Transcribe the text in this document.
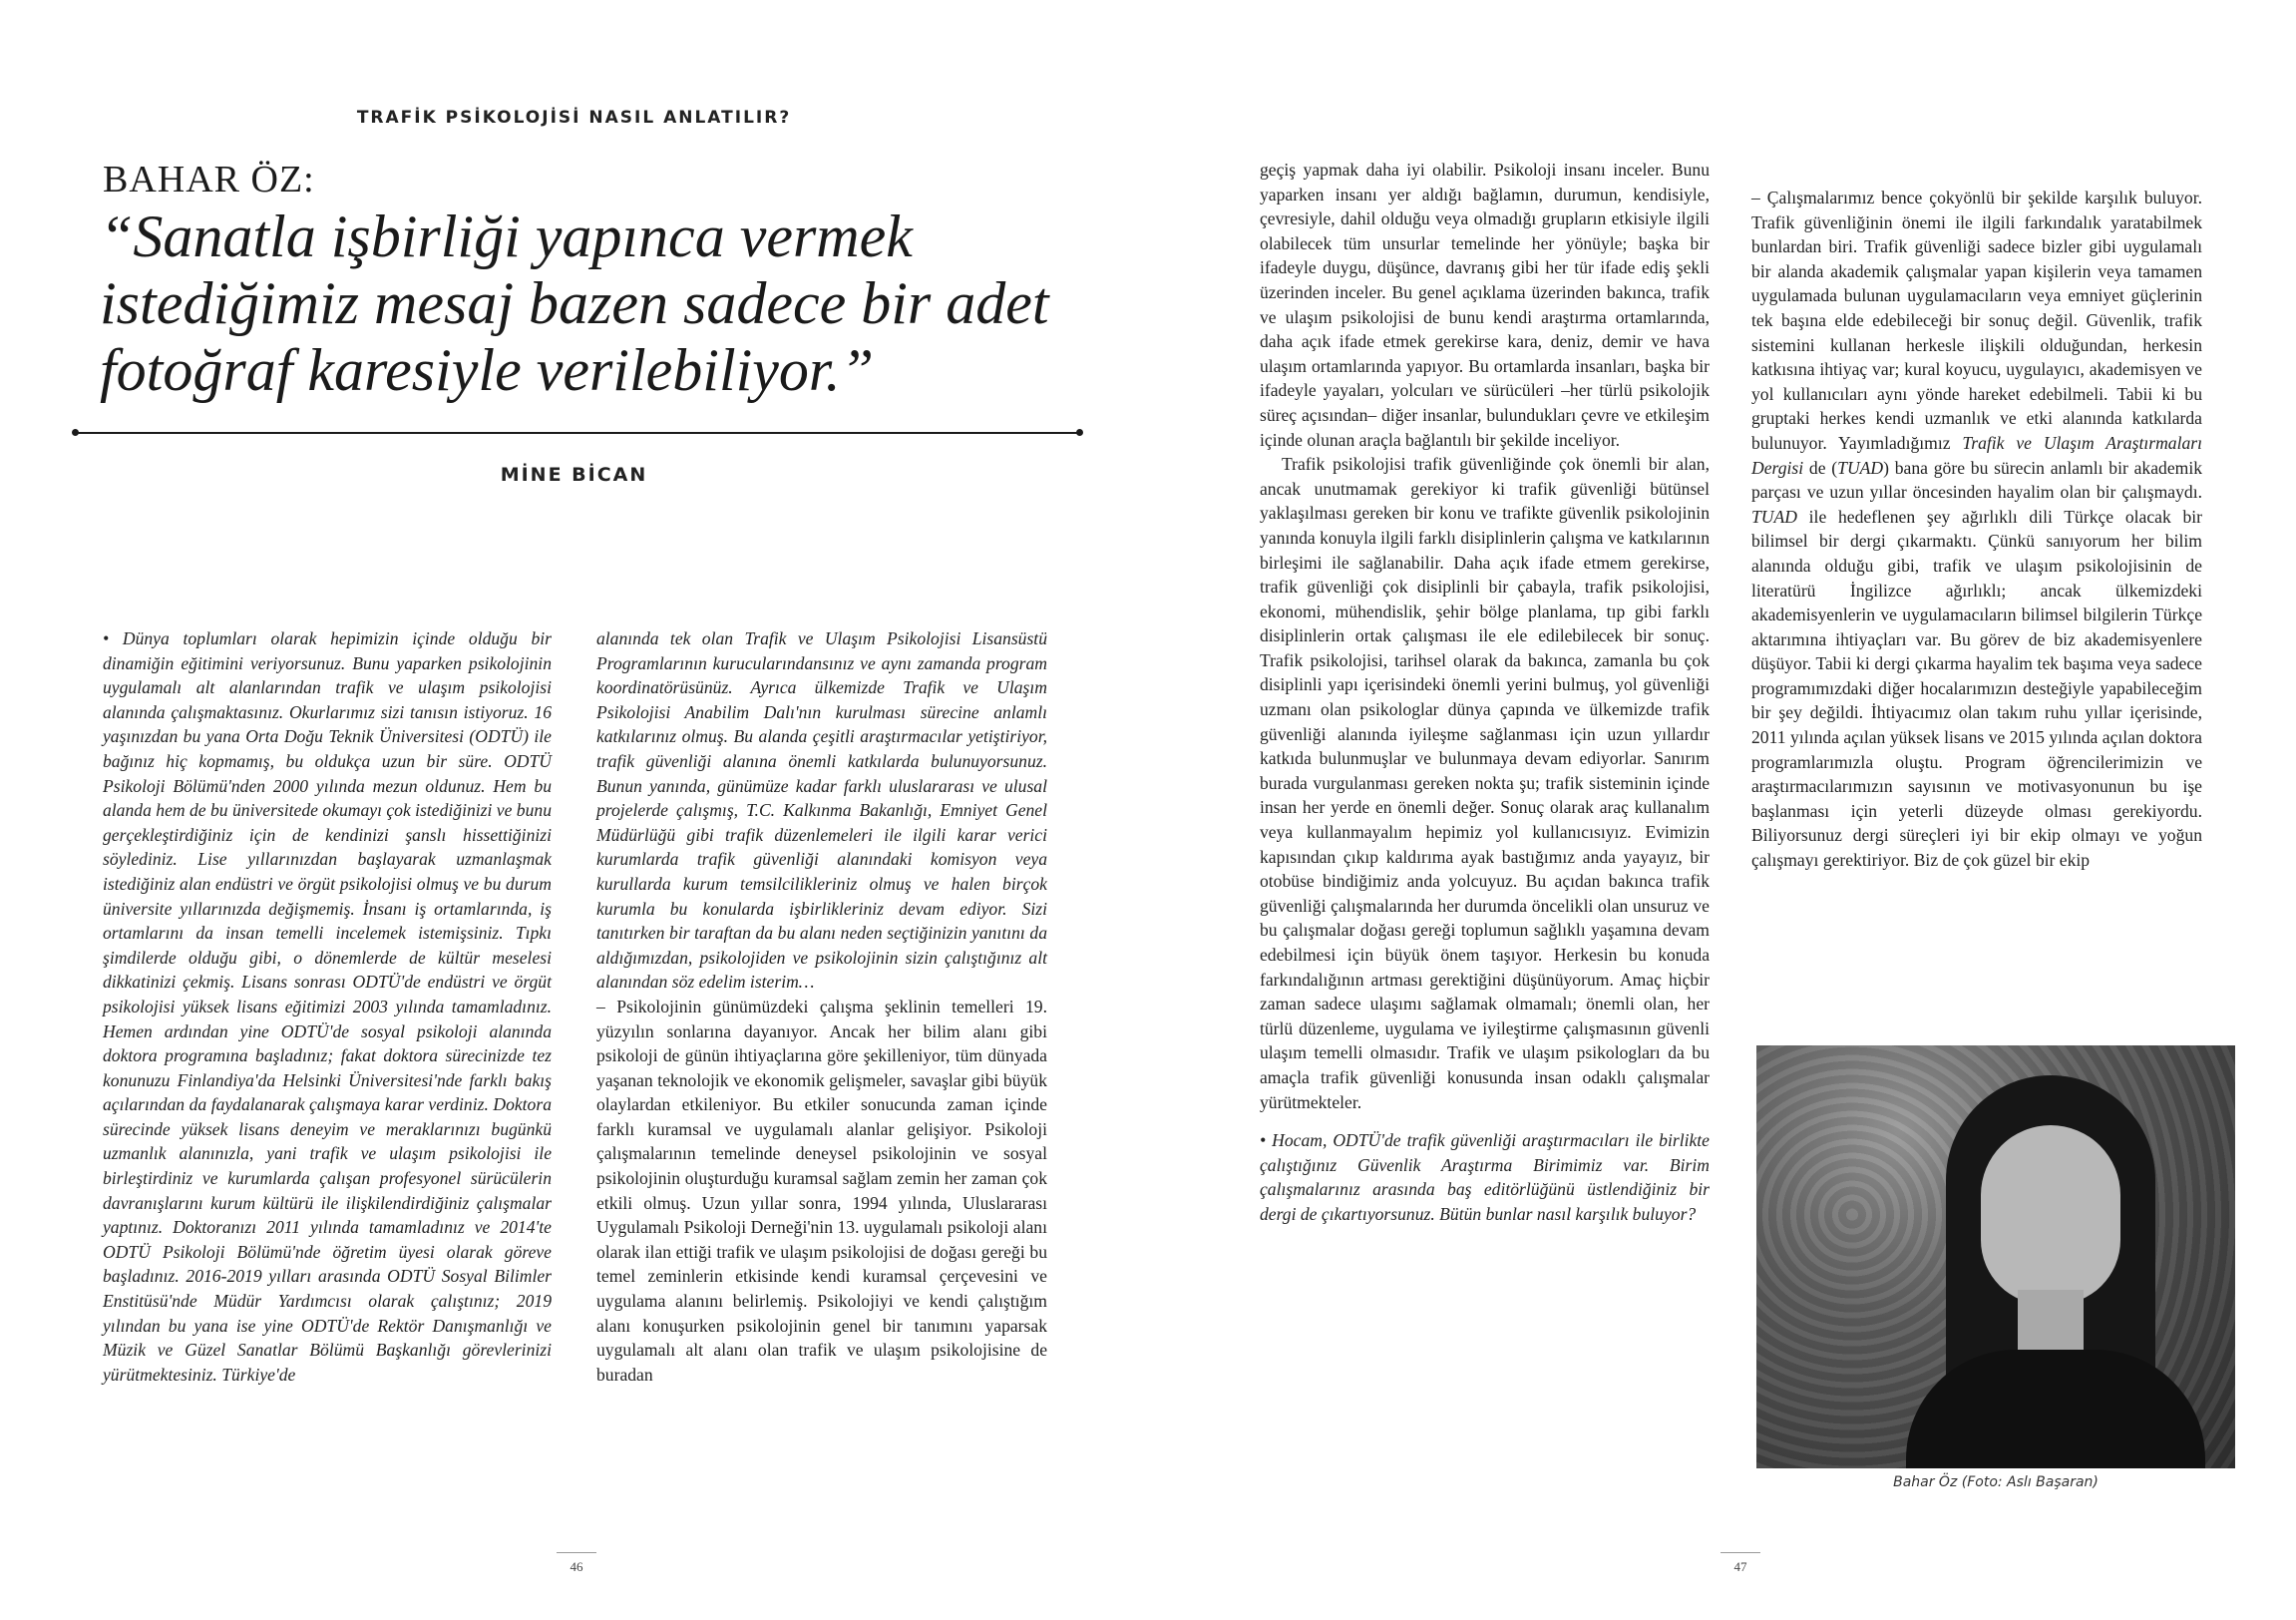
TRAFİK PSİKOLOJİSİ NASIL ANLATILIR?
BAHAR ÖZ:
“Sanatla işbirliği yapınca vermek
istediğimiz mesaj bazen sadece bir adet
fotoğraf karesiyle verilebiliyor.”
MİNE BİCAN

• Dünya toplumları olarak hepimizin içinde olduğu bir dinamiğin eğitimini veriyorsunuz. Bunu yaparken psikolojinin uygulamalı alt alanlarından trafik ve ulaşım psikolojisi alanında çalışmaktasınız. Okurlarımız sizi tanısın istiyoruz. 16 yaşınızdan bu yana Orta Doğu Teknik Üniversitesi (ODTÜ) ile bağınız hiç kopmamış, bu oldukça uzun bir süre. ODTÜ Psikoloji Bölümü'nden 2000 yılında mezun oldunuz. Hem bu alanda hem de bu üniversitede okumayı çok istediğinizi ve bunu gerçekleştirdiğiniz için de kendinizi şanslı hissettiğinizi söylediniz. Lise yıllarınızdan başlayarak uzmanlaşmak istediğiniz alan endüstri ve örgüt psikolojisi olmuş ve bu durum üniversite yıllarınızda değişmemiş. İnsanı iş ortamlarında, iş ortamlarını da insan temelli incelemek istemişsiniz. Tıpkı şimdilerde olduğu gibi, o dönemlerde de kültür meselesi dikkatinizi çekmiş. Lisans sonrası ODTÜ'de endüstri ve örgüt psikolojisi yüksek lisans eğitimizi 2003 yılında tamamladınız. Hemen ardından yine ODTÜ'de sosyal psikoloji alanında doktora programına başladınız; fakat doktora sürecinizde tez konunuzu Finlandiya'da Helsinki Üniversitesi'nde farklı bakış açılarından da faydalanarak çalışmaya karar verdiniz. Doktora sürecinde yüksek lisans deneyim ve meraklarınızı bugünkü uzmanlık alanınızla, yani trafik ve ulaşım psikolojisi ile birleştirdiniz ve kurumlarda çalışan profesyonel sürücülerin davranışlarını kurum kültürü ile ilişkilendirdiğiniz çalışmalar yaptınız. Doktoranızı 2011 yılında tamamladınız ve 2014'te ODTÜ Psikoloji Bölümü'nde öğretim üyesi olarak göreve başladınız. 2016-2019 yılları arasında ODTÜ Sosyal Bilimler Enstitüsü'nde Müdür Yardımcısı olarak çalıştınız; 2019 yılından bu yana ise yine ODTÜ'de Rektör Danışmanlığı ve Müzik ve Güzel Sanatlar Bölümü Başkanlığı görevlerinizi yürütmektesiniz. Türkiye'de

alanında tek olan Trafik ve Ulaşım Psikolojisi Lisansüstü Programlarının kurucularındansınız ve aynı zamanda program koordinatörüsünüz. Ayrıca ülkemizde Trafik ve Ulaşım Psikolojisi Anabilim Dalı'nın kurulması sürecine anlamlı katkılarınız olmuş. Bu alanda çeşitli araştırmacılar yetiştiriyor, trafik güvenliği alanına önemli katkılarda bulunuyorsunuz. Bunun yanında, günümüze kadar farklı uluslararası ve ulusal projelerde çalışmış, T.C. Kalkınma Bakanlığı, Emniyet Genel Müdürlüğü gibi trafik düzenlemeleri ile ilgili karar verici kurumlarda trafik güvenliği alanındaki komisyon veya kurullarda kurum temsilcilikleriniz olmuş ve halen birçok kurumla bu konularda işbirlikleriniz devam ediyor. Sizi tanıtırken bir taraftan da bu alanı neden seçtiğinizin yanıtını da aldığımızdan, psikolojiden ve psikolojinin sizin çalıştığınız alt alanından söz edelim isterim…

– Psikolojinin günümüzdeki çalışma şeklinin temelleri 19. yüzyılın sonlarına dayanıyor. Ancak her bilim alanı gibi psikoloji de günün ihtiyaçlarına göre şekilleniyor, tüm dünyada yaşanan teknolojik ve ekonomik gelişmeler, savaşlar gibi büyük olaylardan etkileniyor. Bu etkiler sonucunda zaman içinde farklı kuramsal ve uygulamalı alanlar gelişiyor. Psikoloji çalışmalarının temelinde deneysel psikolojinin ve sosyal psikolojinin oluşturduğu kuramsal sağlam zemin her zaman çok etkili olmuş. Uzun yıllar sonra, 1994 yılında, Uluslararası Uygulamalı Psikoloji Derneği'nin 13. uygulamalı psikoloji alanı olarak ilan ettiği trafik ve ulaşım psikolojisi de doğası gereği bu temel zeminlerin etkisinde kendi kuramsal çerçevesini ve uygulama alanını belirlemiş. Psikolojiyi ve kendi çalıştığım alanı konuşurken psikolojinin genel bir tanımını yaparsak uygulamalı alt alanı olan trafik ve ulaşım psikolojisine de buradan

46

geçiş yapmak daha iyi olabilir. Psikoloji insanı inceler. Bunu yaparken insanı yer aldığı bağlamın, durumun, kendisiyle, çevresiyle, dahil olduğu veya olmadığı grupların etkisiyle ilgili olabilecek tüm unsurlar temelinde her yönüyle; başka bir ifadeyle duygu, düşünce, davranış gibi her tür ifade ediş şekli üzerinden inceler. Bu genel açıklama üzerinden bakınca, trafik ve ulaşım psikolojisi de bunu kendi araştırma ortamlarında, daha açık ifade etmek gerekirse kara, deniz, demir ve hava ulaşım ortamlarında yapıyor. Bu ortamlarda insanları, başka bir ifadeyle yayaları, yolcuları ve sürücüleri –her türlü psikolojik süreç açısından– diğer insanlar, bulundukları çevre ve etkileşim içinde olunan araçla bağlantılı bir şekilde inceliyor.

Trafik psikolojisi trafik güvenliğinde çok önemli bir alan, ancak unutmamak gerekiyor ki trafik güvenliği bütünsel yaklaşılması gereken bir konu ve trafikte güvenlik psikolojinin yanında konuyla ilgili farklı disiplinlerin çalışma ve katkılarının birleşimi ile sağlanabilir. Daha açık ifade etmem gerekirse, trafik güvenliği çok disiplinli bir çabayla, trafik psikolojisi, ekonomi, mühendislik, şehir bölge planlama, tıp gibi farklı disiplinlerin ortak çalışması ile ele edilebilecek bir sonuç. Trafik psikolojisi, tarihsel olarak da bakınca, zamanla bu çok disiplinli yapı içerisindeki önemli yerini bulmuş, yol güvenliği uzmanı olan psikologlar dünya çapında ve ülkemizde trafik güvenliği alanında iyileşme sağlanması için uzun yıllardır katkıda bulunmuşlar ve bulunmaya devam ediyorlar. Sanırım burada vurgulanması gereken nokta şu; trafik sisteminin içinde insan her yerde en önemli değer. Sonuç olarak araç kullanalım veya kullanmayalım hepimiz yol kullanıcısıyız. Evimizin kapısından çıkıp kaldırıma ayak bastığımız anda yayayız, bir otobüse bindiğimiz anda yolcuyuz. Bu açıdan bakınca trafik güvenliği çalışmalarında her durumda öncelikli olan unsuruz ve bu çalışmalar doğası gereği toplumun sağlıklı yaşamına devam edebilmesi için büyük önem taşıyor. Herkesin bu konuda farkındalığının artması gerektiğini düşünüyorum. Amaç hiçbir zaman sadece ulaşımı sağlamak olmamalı; önemli olan, her türlü düzenleme, uygulama ve iyileştirme çalışmasının güvenli ulaşım temelli olmasıdır. Trafik ve ulaşım psikologları da bu amaçla trafik güvenliği konusunda insan odaklı çalışmalar yürütmekteler.

• Hocam, ODTÜ'de trafik güvenliği araştırmacıları ile birlikte çalıştığınız Güvenlik Araştırma Birimimiz var. Birim çalışmalarınız arasında baş editörlüğünü üstlendiğiniz bir dergi de çıkartıyorsunuz. Bütün bunlar nasıl karşılık buluyor?

– Çalışmalarımız bence çokyönlü bir şekilde karşılık buluyor. Trafik güvenliğinin önemi ile ilgili farkındalık yaratabilmek bunlardan biri. Trafik güvenliği sadece bizler gibi uygulamalı bir alanda akademik çalışmalar yapan kişilerin veya tamamen uygulamada bulunan uygulamacıların veya emniyet güçlerinin tek başına elde edebileceği bir sonuç değil. Güvenlik, trafik sistemini kullanan herkesle ilişkili olduğundan, herkesin katkısına ihtiyaç var; kural koyucu, uygulayıcı, akademisyen ve yol kullanıcıları aynı yönde hareket edebilmeli. Tabii ki bu gruptaki herkes kendi uzmanlık ve etki alanında katkılarda bulunuyor. Yayımladığımız Trafik ve Ulaşım Araştırmaları Dergisi de (TUAD) bana göre bu sürecin anlamlı bir akademik parçası ve uzun yıllar öncesinden hayalim olan bir çalışmaydı. TUAD ile hedeflenen şey ağırlıklı dili Türkçe olacak bir bilimsel bir dergi çıkarmaktı. Çünkü sanıyorum her bilim alanında olduğu gibi, trafik ve ulaşım psikolojisinin de literatürü İngilizce ağırlıklı; ancak ülkemizdeki akademisyenlerin ve uygulamacıların bilimsel bilgilerin Türkçe aktarımına ihtiyaçları var. Bu görev de biz akademisyenlere düşüyor. Tabii ki dergi çıkarma hayalim tek başıma veya sadece programımızdaki diğer hocalarımızın desteğiyle yapabileceğim bir şey değildi. İhtiyacımız olan takım ruhu yıllar içerisinde, 2011 yılında açılan yüksek lisans ve 2015 yılında açılan doktora programlarımızla oluştu. Program öğrencilerimizin ve araştırmacılarımızın sayısının ve motivasyonunun bu işe başlanması için yeterli düzeyde olması gerekiyordu. Biliyorsunuz dergi süreçleri iyi bir ekip olmayı ve yoğun çalışmayı gerektiriyor. Biz de çok güzel bir ekip

Bahar Öz (Foto: Aslı Başaran)
47
